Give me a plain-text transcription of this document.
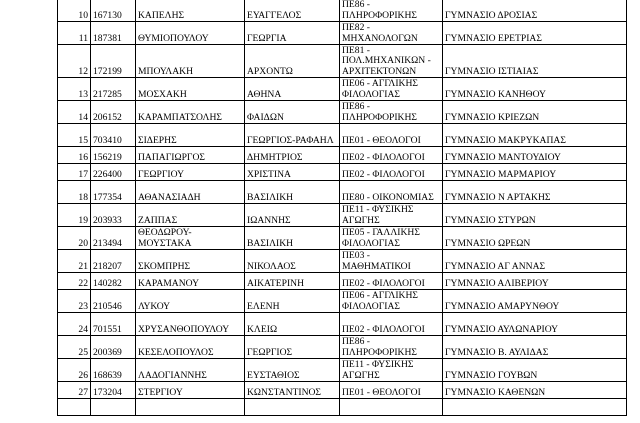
10	167130	ΚΑΠΕΛΗΣ	ΕΥΑΓΓΕΛΟΣ	ΠΕ86 - ΠΛΗΡΟΦΟΡΙΚΗΣ	ΓΥΜΝΑΣΙΟ ΔΡΟΣΙΑΣ
11	187381	ΘΥΜΙΟΠΟΥΛΟΥ	ΓΕΩΡΓΙΑ	ΠΕ82 - ΜΗΧΑΝΟΛΟΓΩΝ	ΓΥΜΝΑΣΙΟ ΕΡΕΤΡΙΑΣ
12	172199	ΜΠΟΥΛΑΚΗ	ΑΡΧΟΝΤΩ	ΠΕ81 - ΠΟΛ.ΜΗΧΑΝΙΚΩΝ - ΑΡΧΙΤΕΚΤΟΝΩΝ	ΓΥΜΝΑΣΙΟ ΙΣΤΙΑΙΑΣ
13	217285	ΜΟΣΧΑΚΗ	ΑΘΗΝΑ	ΠΕ06 - ΑΓΓΛΙΚΗΣ ΦΙΛΟΛΟΓΙΑΣ	ΓΥΜΝΑΣΙΟ ΚΑΝΗΘΟΥ
14	206152	ΚΑΡΑΜΠΑΤΣΟΛΗΣ	ΦΑΙΔΩΝ	ΠΕ86 - ΠΛΗΡΟΦΟΡΙΚΗΣ	ΓΥΜΝΑΣΙΟ ΚΡΙΕΖΩΝ
15	703410	ΣΙΔΕΡΗΣ	ΓΕΩΡΓΙΟΣ-ΡΑΦΑΗΛ	ΠΕ01 - ΘΕΟΛΟΓΟΙ	ΓΥΜΝΑΣΙΟ ΜΑΚΡΥΚΑΠΑΣ
16	156219	ΠΑΠΑΓΙΩΡΓΟΣ	ΔΗΜΗΤΡΙΟΣ	ΠΕ02 - ΦΙΛΟΛΟΓΟΙ	ΓΥΜΝΑΣΙΟ ΜΑΝΤΟΥΔΙΟΥ
17	226400	ΓΕΩΡΓΙΟΥ	ΧΡΙΣΤΙΝΑ	ΠΕ02 - ΦΙΛΟΛΟΓΟΙ	ΓΥΜΝΑΣΙΟ ΜΑΡΜΑΡΙΟΥ
18	177354	ΑΘΑΝΑΣΙΑΔΗ	ΒΑΣΙΛΙΚΗ	ΠΕ80 - ΟΙΚΟΝΟΜΙΑΣ	ΓΥΜΝΑΣΙΟ Ν ΑΡΤΑΚΗΣ
19	203933	ΖΑΠΠΑΣ	ΙΩΑΝΝΗΣ	ΠΕ11 - ΦΥΣΙΚΗΣ ΑΓΩΓΗΣ	ΓΥΜΝΑΣΙΟ ΣΤΥΡΩΝ
20	213494	ΘΕΟΔΩΡΟΥ-ΜΟΥΣΤΑΚΑ	ΒΑΣΙΛΙΚΗ	ΠΕ05 - ΓΑΛΛΙΚΗΣ ΦΙΛΟΛΟΓΙΑΣ	ΓΥΜΝΑΣΙΟ ΩΡΕΩΝ
21	218207	ΣΚΟΜΠΡΗΣ	ΝΙΚΟΛΑΟΣ	ΠΕ03 - ΜΑΘΗΜΑΤΙΚΟΙ	ΓΥΜΝΑΣΙΟ ΑΓ ΑΝΝΑΣ
22	140282	ΚΑΡΑΜΑΝΟΥ	ΑΙΚΑΤΕΡΙΝΗ	ΠΕ02 - ΦΙΛΟΛΟΓΟΙ	ΓΥΜΝΑΣΙΟ ΑΛΙΒΕΡΙΟΥ
23	210546	ΛΥΚΟΥ	ΕΛΕΝΗ	ΠΕ06 - ΑΓΓΛΙΚΗΣ ΦΙΛΟΛΟΓΙΑΣ	ΓΥΜΝΑΣΙΟ ΑΜΑΡΥΝΘΟΥ
24	701551	ΧΡΥΣΑΝΘΟΠΟΥΛΟΥ	ΚΛΕΙΩ	ΠΕ02 - ΦΙΛΟΛΟΓΟΙ	ΓΥΜΝΑΣΙΟ ΑΥΛΩΝΑΡΙΟΥ
25	200369	ΚΕΣΕΛΟΠΟΥΛΟΣ	ΓΕΩΡΓΙΟΣ	ΠΕ86 - ΠΛΗΡΟΦΟΡΙΚΗΣ	ΓΥΜΝΑΣΙΟ Β. ΑΥΛΙΔΑΣ
26	168639	ΛΑΔΟΓΙΑΝΝΗΣ	ΕΥΣΤΑΘΙΟΣ	ΠΕ11 - ΦΥΣΙΚΗΣ ΑΓΩΓΗΣ	ΓΥΜΝΑΣΙΟ ΓΟΥΒΩΝ
27	173204	ΣΤΕΡΓΙΟΥ	ΚΩΝΣΤΑΝΤΙΝΟΣ	ΠΕ01 - ΘΕΟΛΟΓΟΙ	ΓΥΜΝΑΣΙΟ ΚΑΘΕΝΩΝ
